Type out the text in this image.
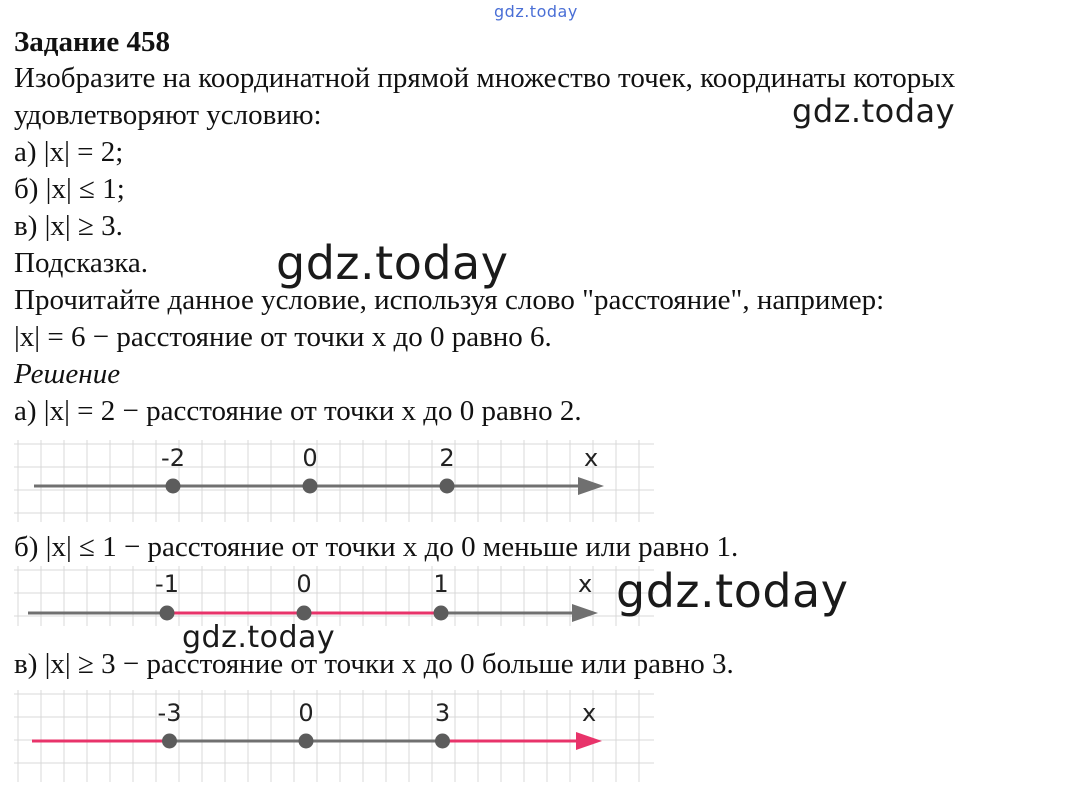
gdz.today
Задание 458
Изобразите на координатной прямой множество точек, координаты которых
удовлетворяют условию:
а) |x| = 2;
б) |x| ≤ 1;
в) |x| ≥ 3.
Подсказка.
Прочитайте данное условие, используя слово "расстояние", например:
|x| = 6 − расстояние от точки x до 0 равно 6.
Решение
а) |x| = 2 − расстояние от точки x до 0 равно 2.
x
-2	0	2
б) |x| ≤ 1 − расстояние от точки x до 0 меньше или равно 1.
x
-1	0	1
в) |x| ≥ 3 − расстояние от точки x до 0 больше или равно 3.
x
-3	0	3
gdz.today
gdz.today
gdz.today
gdz.today
